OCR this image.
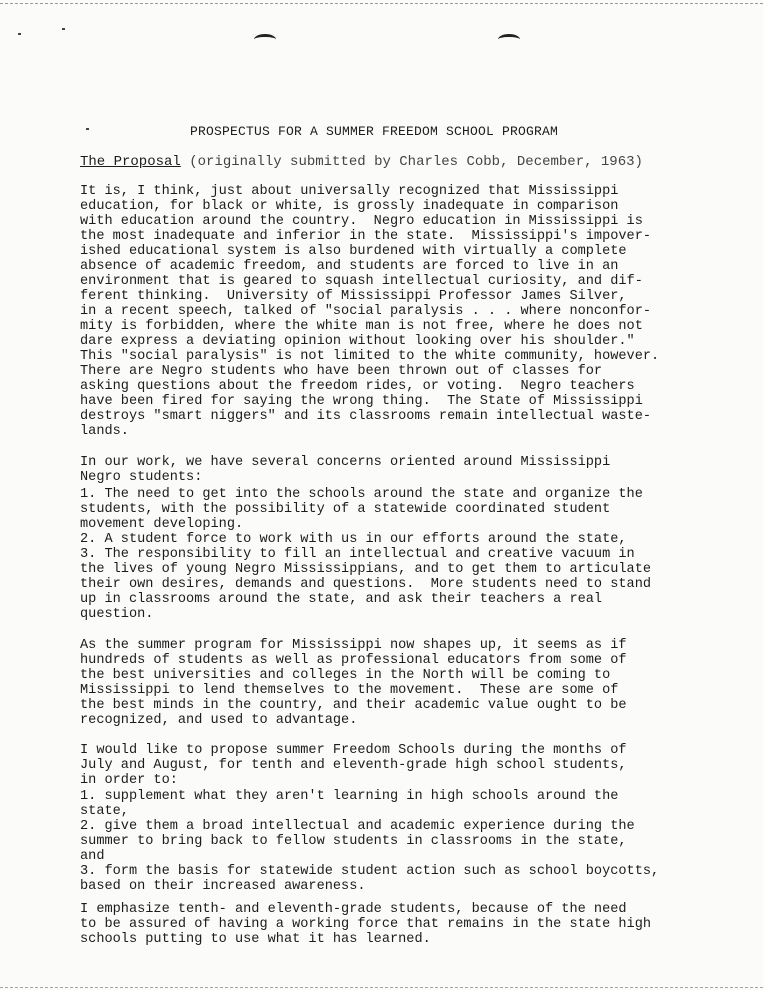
PROSPECTUS FOR A SUMMER FREEDOM SCHOOL PROGRAM
The Proposal (originally submitted by Charles Cobb, December, 1963)
It is, I think, just about universally recognized that Mississippi
education, for black or white, is grossly inadequate in comparison
with education around the country.  Negro education in Mississippi is
the most inadequate and inferior in the state.  Mississippi's impover-
ished educational system is also burdened with virtually a complete
absence of academic freedom, and students are forced to live in an
environment that is geared to squash intellectual curiosity, and dif-
ferent thinking.  University of Mississippi Professor James Silver,
in a recent speech, talked of "social paralysis . . . where nonconfor-
mity is forbidden, where the white man is not free, where he does not
dare express a deviating opinion without looking over his shoulder."
This "social paralysis" is not limited to the white community, however.
There are Negro students who have been thrown out of classes for
asking questions about the freedom rides, or voting.  Negro teachers
have been fired for saying the wrong thing.  The State of Mississippi
destroys "smart niggers" and its classrooms remain intellectual waste-
lands.
In our work, we have several concerns oriented around Mississippi
Negro students:
1. The need to get into the schools around the state and organize the
students, with the possibility of a statewide coordinated student
movement developing.
2. A student force to work with us in our efforts around the state,
3. The responsibility to fill an intellectual and creative vacuum in
the lives of young Negro Mississippians, and to get them to articulate
their own desires, demands and questions.  More students need to stand
up in classrooms around the state, and ask their teachers a real
question.
As the summer program for Mississippi now shapes up, it seems as if
hundreds of students as well as professional educators from some of
the best universities and colleges in the North will be coming to
Mississippi to lend themselves to the movement.  These are some of
the best minds in the country, and their academic value ought to be
recognized, and used to advantage.
I would like to propose summer Freedom Schools during the months of
July and August, for tenth and eleventh-grade high school students,
in order to:
1. supplement what they aren't learning in high schools around the
state,
2. give them a broad intellectual and academic experience during the
summer to bring back to fellow students in classrooms in the state,
and
3. form the basis for statewide student action such as school boycotts,
based on their increased awareness.
I emphasize tenth- and eleventh-grade students, because of the need
to be assured of having a working force that remains in the state high
schools putting to use what it has learned.
